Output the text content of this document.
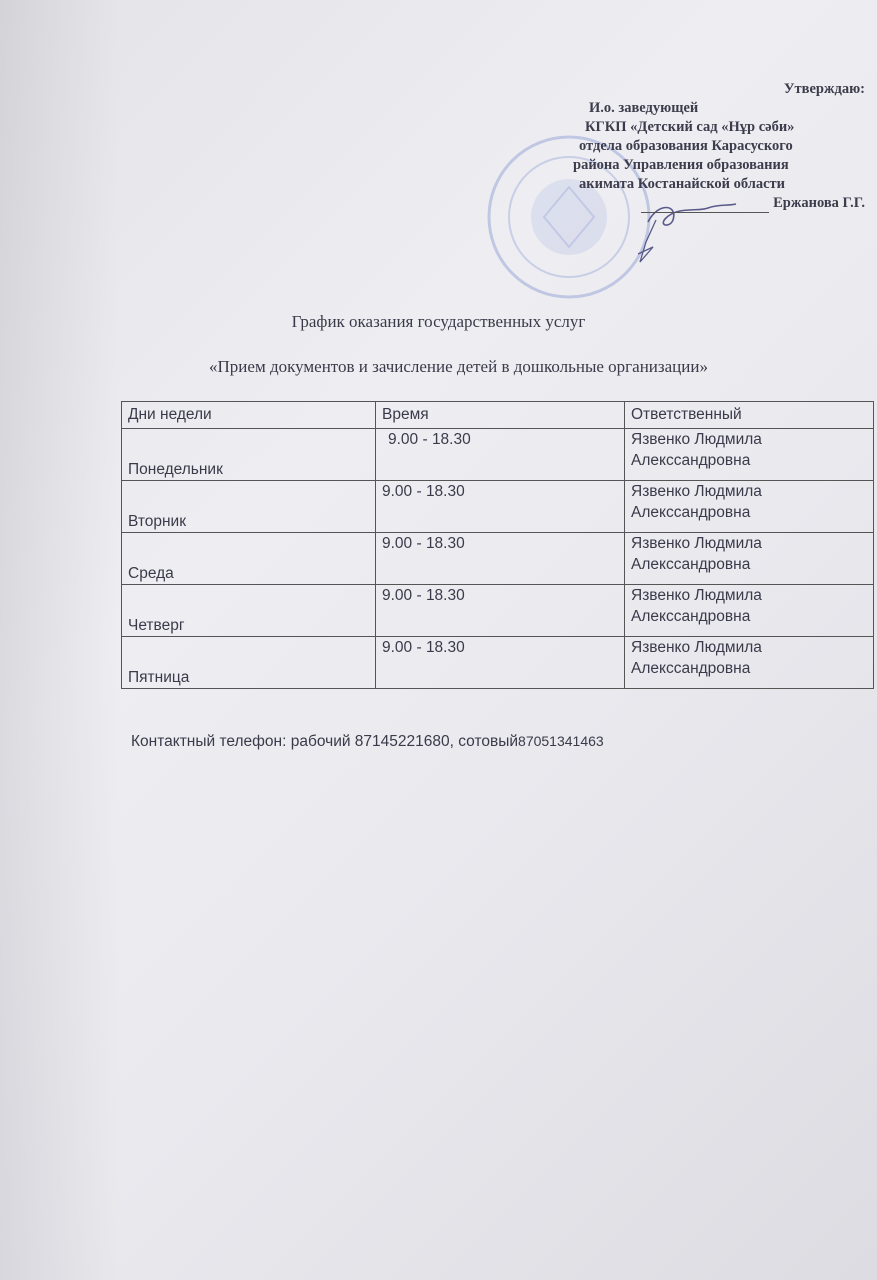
Утверждаю:
И.о. заведующей
КГКП «Детский сад «Нұр сәби»
отдела образования Карасуского
района Управления образования
акимата Костанайской области
Ержанова Г.Г.
График оказания государственных услуг
«Прием документов и зачисление детей в дошкольные организации»
Дни недели	Время	Ответственный
Понедельник	9.00 - 18.30	Язвенко Людмила
Алекссандровна

Вторник	9.00 - 18.30	Язвенко Людмила
Алекссандровна

Среда	9.00 - 18.30	Язвенко Людмила
Алекссандровна

Четверг	9.00 - 18.30	Язвенко Людмила
Алекссандровна

Пятница	9.00 - 18.30	Язвенко Людмила
Алекссандровна
Контактный телефон: рабочий 87145221680, сотовый87051341463
